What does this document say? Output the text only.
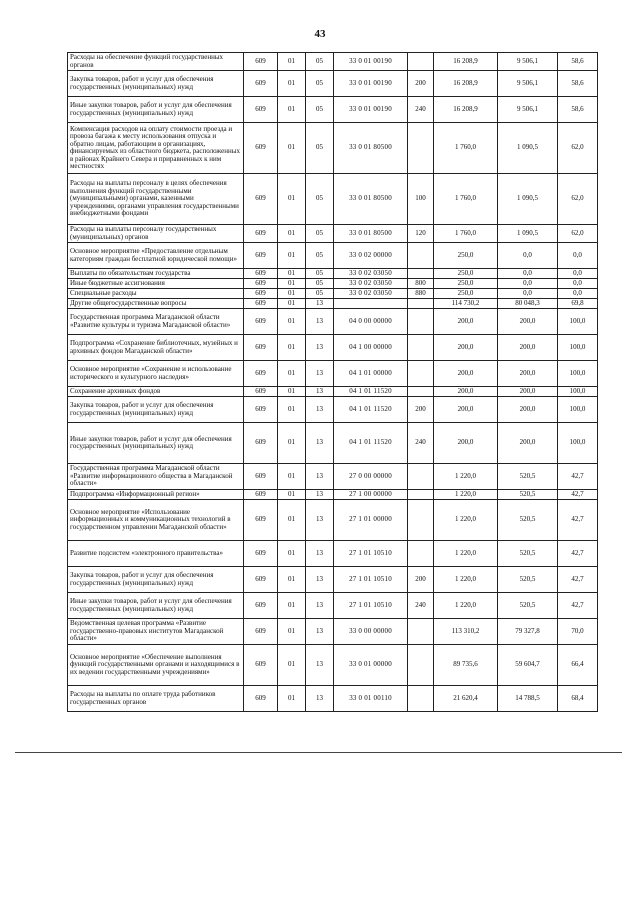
43
Расходы на обеспечение функций государственных органов	609	01	05	33 0 01 00190		16 208,9	9 506,1	58,6
Закупка товаров, работ и услуг для обеспечения государственных (муниципальных) нужд	609	01	05	33 0 01 00190	200	16 208,9	9 506,1	58,6
Иные закупки товаров, работ и услуг для обеспечения государственных (муниципальных) нужд	609	01	05	33 0 01 00190	240	16 208,9	9 506,1	58,6
Компенсация расходов на оплату стоимости проезда и провоза багажа к месту использования отпуска и обратно лицам, работающим в организациях, финансируемых из областного бюджета, расположенных в районах Крайнего Севера и приравненных к ним местностях	609	01	05	33 0 01 80500		1 760,0	1 090,5	62,0
Расходы на выплаты персоналу в целях обеспечения выполнения функций государственными (муниципальными) органами, казенными учреждениями, органами управления государственными внебюджетными фондами	609	01	05	33 0 01 80500	100	1 760,0	1 090,5	62,0
Расходы на выплаты персоналу государственных (муниципальных) органов	609	01	05	33 0 01 80500	120	1 760,0	1 090,5	62,0
Основное мероприятие «Предоставление отдельным категориям граждан бесплатной юридической помощи»	609	01	05	33 0 02 00000		250,0	0,0	0,0
Выплаты по обязательствам государства	609	01	05	33 0 02 03050		250,0	0,0	0,0
Иные бюджетные ассигнования	609	01	05	33 0 02 03050	800	250,0	0,0	0,0
Специальные расходы	609	01	05	33 0 02 03050	880	250,0	0,0	0,0
Другие общегосударственные вопросы	609	01	13			114 730,2	80 048,3	69,8
Государственная программа Магаданской области «Развитие культуры и туризма Магаданской области»	609	01	13	04 0 00 00000		200,0	200,0	100,0
Подпрограмма «Сохранение библиотечных, музейных и архивных фондов Магаданской области»	609	01	13	04 1 00 00000		200,0	200,0	100,0
Основное мероприятие «Сохранение и использование исторического и культурного наследия»	609	01	13	04 1 01 00000		200,0	200,0	100,0
Сохранение архивных фондов	609	01	13	04 1 01 11520		200,0	200,0	100,0
Закупка товаров, работ и услуг для обеспечения государственных (муниципальных) нужд	609	01	13	04 1 01 11520	200	200,0	200,0	100,0
Иные закупки товаров, работ и услуг для обеспечения государственных (муниципальных) нужд	609	01	13	04 1 01 11520	240	200,0	200,0	100,0
Государственная программа Магаданской области «Развитие информационного общества в Магаданской области»	609	01	13	27 0 00 00000		1 220,0	520,5	42,7
Подпрограмма «Информационный регион»	609	01	13	27 1 00 00000		1 220,0	520,5	42,7
Основное мероприятие «Использование информационных и коммуникационных технологий в государственном управлении Магаданской области»	609	01	13	27 1 01 00000		1 220,0	520,5	42,7
Развитие подсистем «электронного правительства»	609	01	13	27 1 01 10510		1 220,0	520,5	42,7
Закупка товаров, работ и услуг для обеспечения государственных (муниципальных) нужд	609	01	13	27 1 01 10510	200	1 220,0	520,5	42,7
Иные закупки товаров, работ и услуг для обеспечения государственных (муниципальных) нужд	609	01	13	27 1 01 10510	240	1 220,0	520,5	42,7
Ведомственная целевая программа «Развитие государственно-правовых институтов Магаданской области»	609	01	13	33 0 00 00000		113 310,2	79 327,8	70,0
Основное мероприятие «Обеспечение выполнения функций государственными органами и находящимися в их ведении государственными учреждениями»	609	01	13	33 0 01 00000		89 735,6	59 604,7	66,4
Расходы на выплаты по оплате труда работников государственных органов	609	01	13	33 0 01 00110		21 620,4	14 788,5	68,4
